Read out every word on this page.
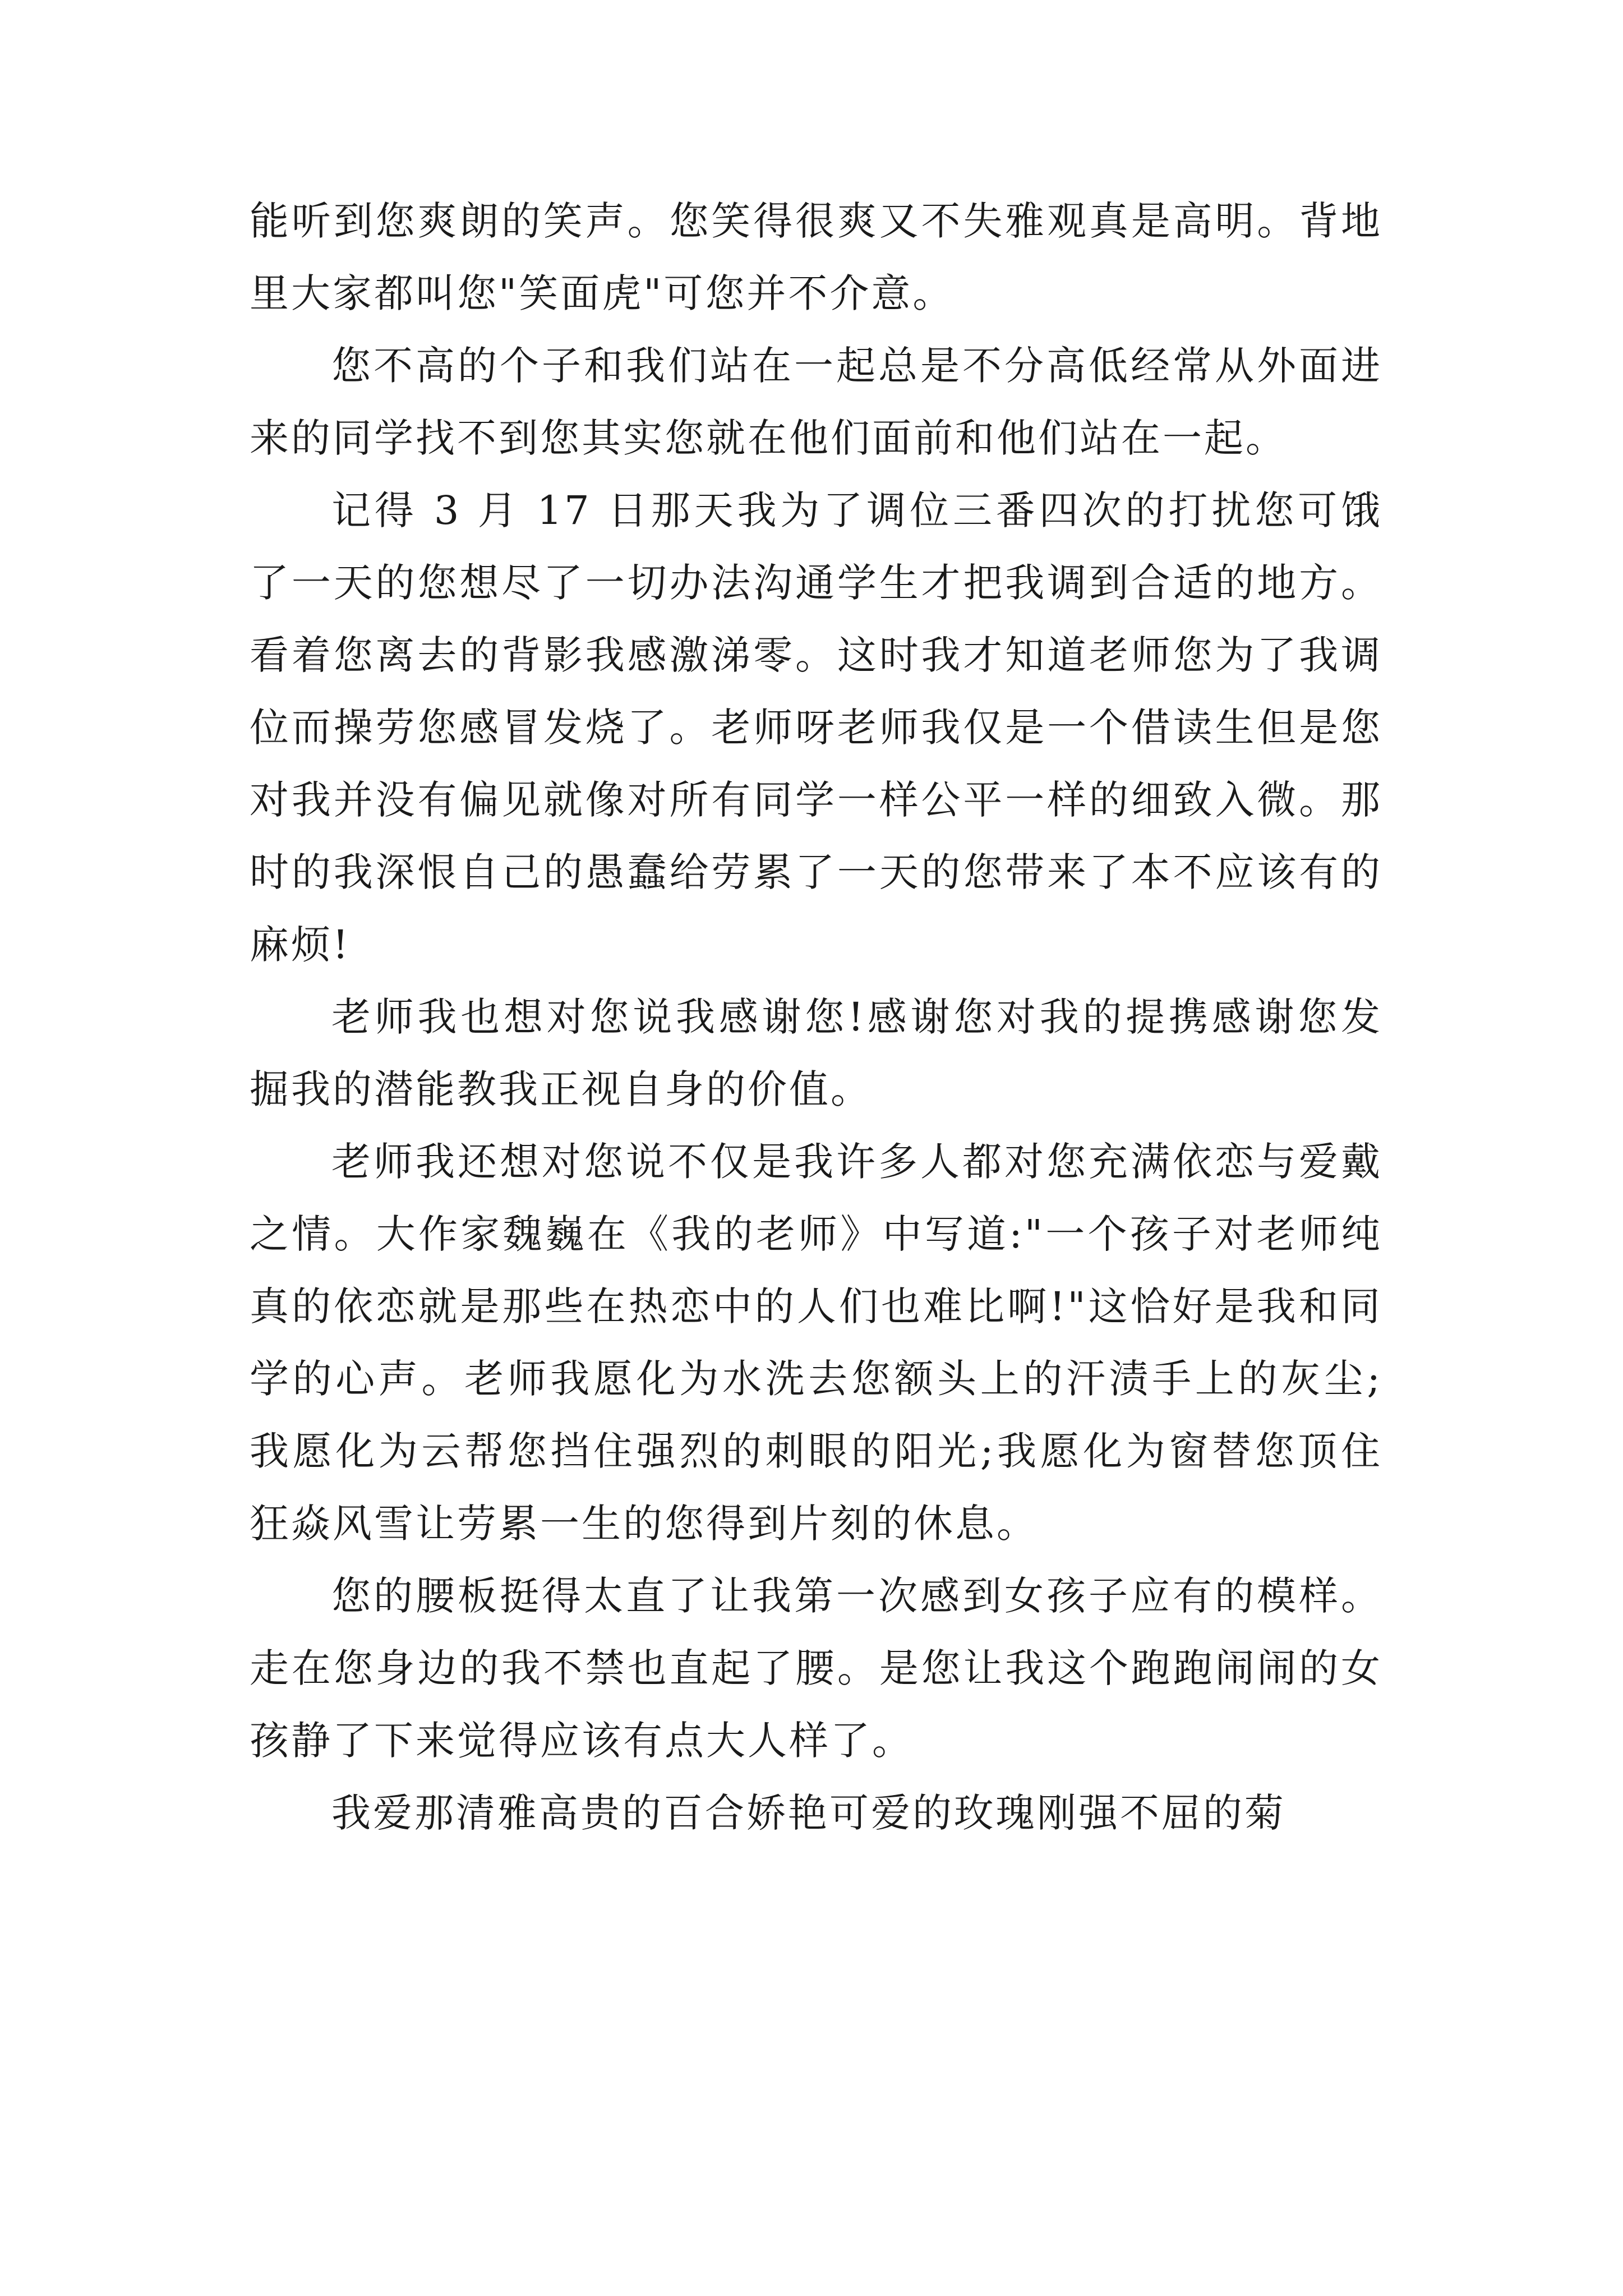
能听到您爽朗的笑声。您笑得很爽又不失雅观真是高明。背地里大家都叫您"笑面虎"可您并不介意。

您不高的个子和我们站在一起总是不分高低经常从外面进来的同学找不到您其实您就在他们面前和他们站在一起。

记得 3 月 17 日那天我为了调位三番四次的打扰您可饿了一天的您想尽了一切办法沟通学生才把我调到合适的地方。看着您离去的背影我感激涕零。这时我才知道老师您为了我调位而操劳您感冒发烧了。老师呀老师我仅是一个借读生但是您对我并没有偏见就像对所有同学一样公平一样的细致入微。那时的我深恨自己的愚蠢给劳累了一天的您带来了本不应该有的麻烦!

老师我也想对您说我感谢您!感谢您对我的提携感谢您发掘我的潜能教我正视自身的价值。

老师我还想对您说不仅是我许多人都对您充满依恋与爱戴之情。大作家魏巍在《我的老师》中写道:"一个孩子对老师纯真的依恋就是那些在热恋中的人们也难比啊!"这恰好是我和同学的心声。老师我愿化为水洗去您额头上的汗渍手上的灰尘;我愿化为云帮您挡住强烈的刺眼的阳光;我愿化为窗替您顶住狂焱风雪让劳累一生的您得到片刻的休息。

您的腰板挺得太直了让我第一次感到女孩子应有的模样。走在您身边的我不禁也直起了腰。是您让我这个跑跑闹闹的女孩静了下来觉得应该有点大人样了。

我爱那清雅高贵的百合娇艳可爱的玫瑰刚强不屈的菊
